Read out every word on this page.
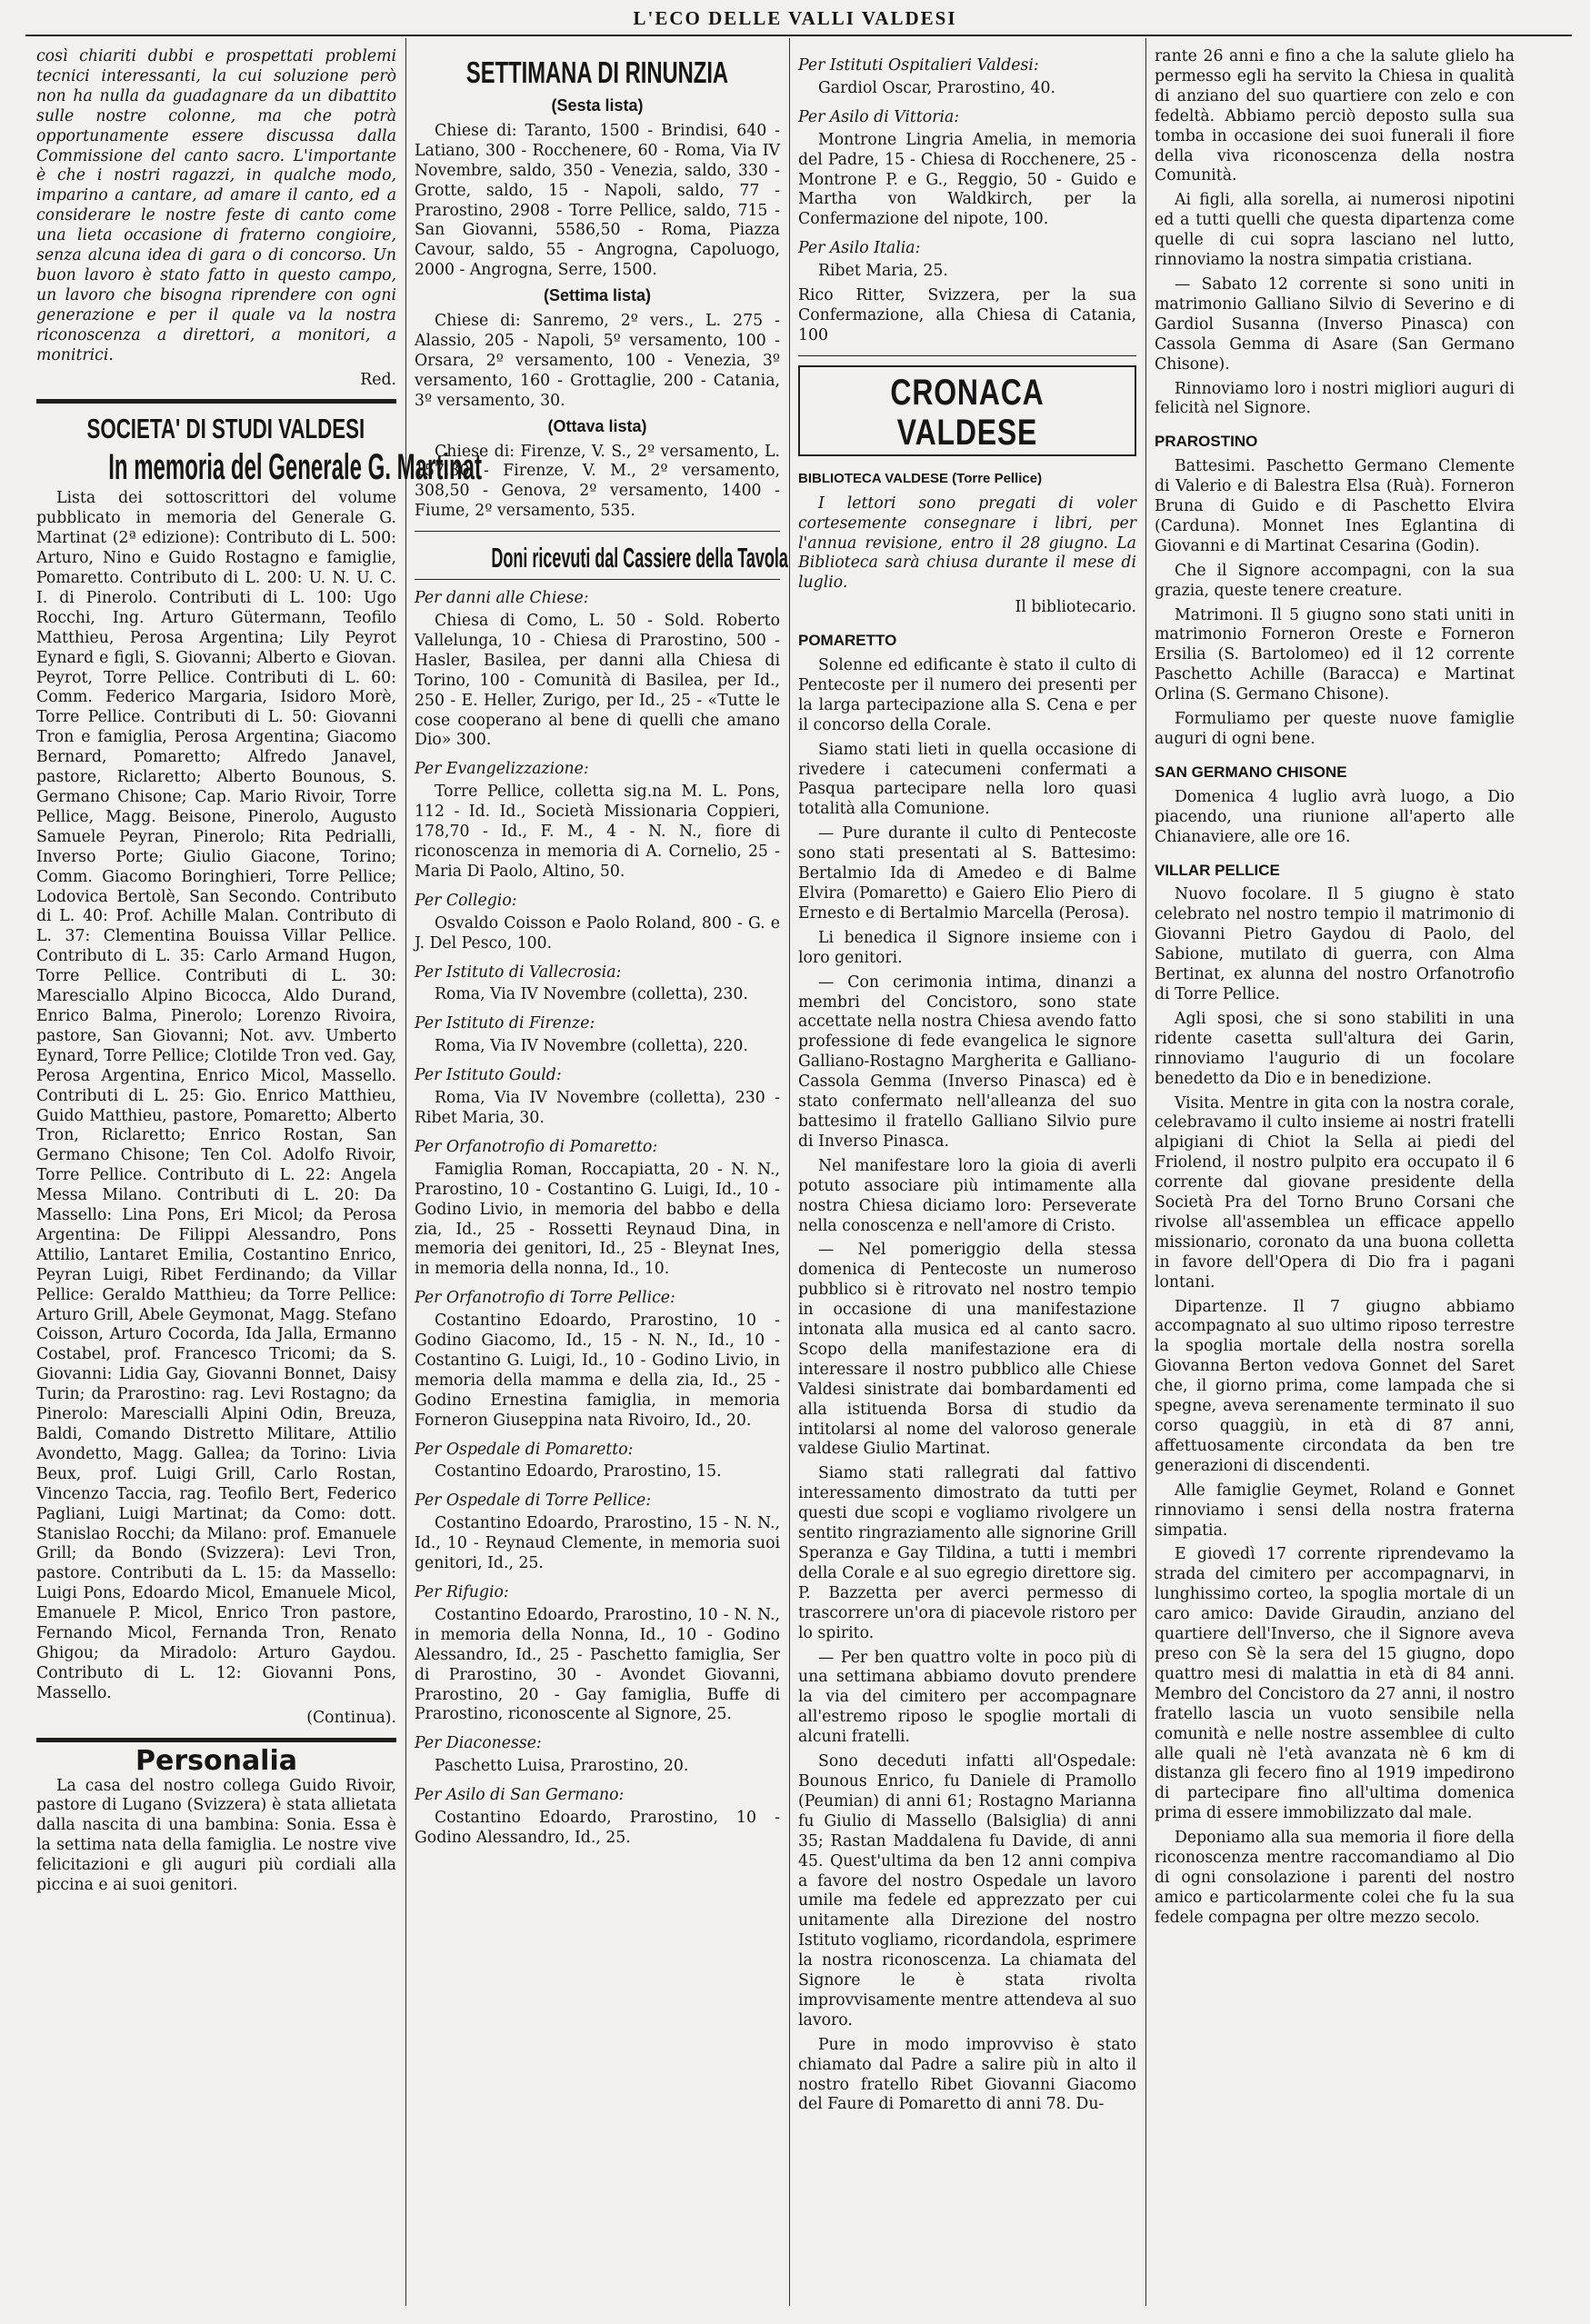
L'ECO DELLE VALLI VALDESI

così chiariti dubbi e prospettati problemi tecnici interessanti, la cui soluzione però non ha nulla da guadagnare da un dibattito sulle nostre colonne, ma che potrà opportunamente essere discussa dalla Commissione del canto sacro. L'importante è che i nostri ragazzi, in qualche modo, imparino a cantare, ad amare il canto, ed a considerare le nostre feste di canto come una lieta occasione di fraterno congioire, senza alcuna idea di gara o di concorso. Un buon lavoro è stato fatto in questo campo, un lavoro che bisogna riprendere con ogni generazione e per il quale va la nostra riconoscenza a direttori, a monitori, a monitrici.

Red.

SOCIETA' DI STUDI VALDESI
In memoria del Generale G. Martinat

Lista dei sottoscrittori del volume pubblicato in memoria del Generale G. Martinat (2ª edizione): Contributo di L. 500: Arturo, Nino e Guido Rostagno e famiglie, Pomaretto. Contributo di L. 200: U. N. U. C. I. di Pinerolo. Contributi di L. 100: Ugo Rocchi, Ing. Arturo Gütermann, Teofilo Matthieu, Perosa Argentina; Lily Peyrot Eynard e figli, S. Giovanni; Alberto e Giovan. Peyrot, Torre Pellice. Contributi di L. 60: Comm. Federico Margaria, Isidoro Morè, Torre Pellice. Contributi di L. 50: Giovanni Tron e famiglia, Perosa Argentina; Giacomo Bernard, Pomaretto; Alfredo Janavel, pastore, Riclaretto; Alberto Bounous, S. Germano Chisone; Cap. Mario Rivoir, Torre Pellice, Magg. Beisone, Pinerolo, Augusto Samuele Peyran, Pinerolo; Rita Pedrialli, Inverso Porte; Giulio Giacone, Torino; Comm. Giacomo Boringhieri, Torre Pellice; Lodovica Bertolè, San Secondo. Contributo di L. 40: Prof. Achille Malan. Contributo di L. 37: Clementina Bouissa Villar Pellice. Contributo di L. 35: Carlo Armand Hugon, Torre Pellice. Contributi di L. 30: Maresciallo Alpino Bicocca, Aldo Durand, Enrico Balma, Pinerolo; Lorenzo Rivoira, pastore, San Giovanni; Not. avv. Umberto Eynard, Torre Pellice; Clotilde Tron ved. Gay, Perosa Argentina, Enrico Micol, Massello. Contributi di L. 25: Gio. Enrico Matthieu, Guido Matthieu, pastore, Pomaretto; Alberto Tron, Riclaretto; Enrico Rostan, San Germano Chisone; Ten Col. Adolfo Rivoir, Torre Pellice. Contributo di L. 22: Angela Messa Milano. Contributi di L. 20: Da Massello: Lina Pons, Eri Micol; da Perosa Argentina: De Filippi Alessandro, Pons Attilio, Lantaret Emilia, Costantino Enrico, Peyran Luigi, Ribet Ferdinando; da Villar Pellice: Geraldo Matthieu; da Torre Pellice: Arturo Grill, Abele Geymonat, Magg. Stefano Coisson, Arturo Cocorda, Ida Jalla, Ermanno Costabel, prof. Francesco Tricomi; da S. Giovanni: Lidia Gay, Giovanni Bonnet, Daisy Turin; da Prarostino: rag. Levi Rostagno; da Pinerolo: Marescialli Alpini Odin, Breuza, Baldi, Comando Distretto Militare, Attilio Avondetto, Magg. Gallea; da Torino: Livia Beux, prof. Luigi Grill, Carlo Rostan, Vincenzo Taccia, rag. Teofilo Bert, Federico Pagliani, Luigi Martinat; da Como: dott. Stanislao Rocchi; da Milano: prof. Emanuele Grill; da Bondo (Svizzera): Levi Tron, pastore. Contributi da L. 15: da Massello: Luigi Pons, Edoardo Micol, Emanuele Micol, Emanuele P. Micol, Enrico Tron pastore, Fernando Micol, Fernanda Tron, Renato Ghigou; da Miradolo: Arturo Gaydou. Contributo di L. 12: Giovanni Pons, Massello.

(Continua).

Personalia

La casa del nostro collega Guido Rivoir, pastore di Lugano (Svizzera) è stata allietata dalla nascita di una bambina: Sonia. Essa è la settima nata della famiglia. Le nostre vive felicitazioni e gli auguri più cordiali alla piccina e ai suoi genitori.

SETTIMANA DI RINUNZIA
(Sesta lista)

Chiese di: Taranto, 1500 - Brindisi, 640 - Latiano, 300 - Rocchenere, 60 - Roma, Via IV Novembre, saldo, 350 - Venezia, saldo, 330 - Grotte, saldo, 15 - Napoli, saldo, 77 - Prarostino, 2908 - Torre Pellice, saldo, 715 - San Giovanni, 5586,50 - Roma, Piazza Cavour, saldo, 55 - Angrogna, Capoluogo, 2000 - Angrogna, Serre, 1500.

(Settima lista)

Chiese di: Sanremo, 2º vers., L. 275 - Alassio, 205 - Napoli, 5º versamento, 100 - Orsara, 2º versamento, 100 - Venezia, 3º versamento, 160 - Grottaglie, 200 - Catania, 3º versamento, 30.

(Ottava lista)

Chiese di: Firenze, V. S., 2º versamento, L. 157,30 - Firenze, V. M., 2º versamento, 308,50 - Genova, 2º versamento, 1400 - Fiume, 2º versamento, 535.

Doni ricevuti dal Cassiere della Tavola

Per danni alle Chiese:

Chiesa di Como, L. 50 - Sold. Roberto Vallelunga, 10 - Chiesa di Prarostino, 500 - Hasler, Basilea, per danni alla Chiesa di Torino, 100 - Comunità di Basilea, per Id., 250 - E. Heller, Zurigo, per Id., 25 - «Tutte le cose cooperano al bene di quelli che amano Dio» 300.

Per Evangelizzazione:

Torre Pellice, colletta sig.na M. L. Pons, 112 - Id. Id., Società Missionaria Coppieri, 178,70 - Id., F. M., 4 - N. N., fiore di riconoscenza in memoria di A. Cornelio, 25 - Maria Di Paolo, Altino, 50.

Per Collegio:

Osvaldo Coisson e Paolo Roland, 800 - G. e J. Del Pesco, 100.

Per Istituto di Vallecrosia:

Roma, Via IV Novembre (colletta), 230.

Per Istituto di Firenze:

Roma, Via IV Novembre (colletta), 220.

Per Istituto Gould:

Roma, Via IV Novembre (colletta), 230 - Ribet Maria, 30.

Per Orfanotrofio di Pomaretto:

Famiglia Roman, Roccapiatta, 20 - N. N., Prarostino, 10 - Costantino G. Luigi, Id., 10 - Godino Livio, in memoria del babbo e della zia, Id., 25 - Rossetti Reynaud Dina, in memoria dei genitori, Id., 25 - Bleynat Ines, in memoria della nonna, Id., 10.

Per Orfanotrofio di Torre Pellice:

Costantino Edoardo, Prarostino, 10 - Godino Giacomo, Id., 15 - N. N., Id., 10 - Costantino G. Luigi, Id., 10 - Godino Livio, in memoria della mamma e della zia, Id., 25 - Godino Ernestina famiglia, in memoria Forneron Giuseppina nata Rivoiro, Id., 20.

Per Ospedale di Pomaretto:

Costantino Edoardo, Prarostino, 15.

Per Ospedale di Torre Pellice:

Costantino Edoardo, Prarostino, 15 - N. N., Id., 10 - Reynaud Clemente, in memoria suoi genitori, Id., 25.

Per Rifugio:

Costantino Edoardo, Prarostino, 10 - N. N., in memoria della Nonna, Id., 10 - Godino Alessandro, Id., 25 - Paschetto famiglia, Ser di Prarostino, 30 - Avondet Giovanni, Prarostino, 20 - Gay famiglia, Buffe di Prarostino, riconoscente al Signore, 25.

Per Diaconesse:

Paschetto Luisa, Prarostino, 20.

Per Asilo di San Germano:

Costantino Edoardo, Prarostino, 10 - Godino Alessandro, Id., 25.

Per Istituti Ospitalieri Valdesi:

Gardiol Oscar, Prarostino, 40.

Per Asilo di Vittoria:

Montrone Lingria Amelia, in memoria del Padre, 15 - Chiesa di Rocchenere, 25 - Montrone P. e G., Reggio, 50 - Guido e Martha von Waldkirch, per la Confermazione del nipote, 100.

Per Asilo Italia:

Ribet Maria, 25.

Rico Ritter, Svizzera, per la sua Confermazione, alla Chiesa di Catania, 100

CRONACA VALDESE
BIBLIOTECA VALDESE (Torre Pellice)

I lettori sono pregati di voler cortesemente consegnare i libri, per l'annua revisione, entro il 28 giugno. La Biblioteca sarà chiusa durante il mese di luglio.

Il bibliotecario.

POMARETTO

Solenne ed edificante è stato il culto di Pentecoste per il numero dei presenti per la larga partecipazione alla S. Cena e per il concorso della Corale.

Siamo stati lieti in quella occasione di rivedere i catecumeni confermati a Pasqua partecipare nella loro quasi totalità alla Comunione.

— Pure durante il culto di Pentecoste sono stati presentati al S. Battesimo: Bertalmio Ida di Amedeo e di Balme Elvira (Pomaretto) e Gaiero Elio Piero di Ernesto e di Bertalmio Marcella (Perosa).

Li benedica il Signore insieme con i loro genitori.

— Con cerimonia intima, dinanzi a membri del Concistoro, sono state accettate nella nostra Chiesa avendo fatto professione di fede evangelica le signore Galliano-Rostagno Margherita e Galliano-Cassola Gemma (Inverso Pinasca) ed è stato confermato nell'alleanza del suo battesimo il fratello Galliano Silvio pure di Inverso Pinasca.

Nel manifestare loro la gioia di averli potuto associare più intimamente alla nostra Chiesa diciamo loro: Perseverate nella conoscenza e nell'amore di Cristo.

— Nel pomeriggio della stessa domenica di Pentecoste un numeroso pubblico si è ritrovato nel nostro tempio in occasione di una manifestazione intonata alla musica ed al canto sacro. Scopo della manifestazione era di interessare il nostro pubblico alle Chiese Valdesi sinistrate dai bombardamenti ed alla istituenda Borsa di studio da intitolarsi al nome del valoroso generale valdese Giulio Martinat.

Siamo stati rallegrati dal fattivo interessamento dimostrato da tutti per questi due scopi e vogliamo rivolgere un sentito ringraziamento alle signorine Grill Speranza e Gay Tildina, a tutti i membri della Corale e al suo egregio direttore sig. P. Bazzetta per averci permesso di trascorrere un'ora di piacevole ristoro per lo spirito.

— Per ben quattro volte in poco più di una settimana abbiamo dovuto prendere la via del cimitero per accompagnare all'estremo riposo le spoglie mortali di alcuni fratelli.

Sono deceduti infatti all'Ospedale: Bounous Enrico, fu Daniele di Pramollo (Peumian) di anni 61; Rostagno Marianna fu Giulio di Massello (Balsiglia) di anni 35; Rastan Maddalena fu Davide, di anni 45. Quest'ultima da ben 12 anni compiva a favore del nostro Ospedale un lavoro umile ma fedele ed apprezzato per cui unitamente alla Direzione del nostro Istituto vogliamo, ricordandola, esprimere la nostra riconoscenza. La chiamata del Signore le è stata rivolta improvvisamente mentre attendeva al suo lavoro.

Pure in modo improvviso è stato chiamato dal Padre a salire più in alto il nostro fratello Ribet Giovanni Giacomo del Faure di Pomaretto di anni 78. Du-

rante 26 anni e fino a che la salute glielo ha permesso egli ha servito la Chiesa in qualità di anziano del suo quartiere con zelo e con fedeltà. Abbiamo perciò deposto sulla sua tomba in occasione dei suoi funerali il fiore della viva riconoscenza della nostra Comunità.

Ai figli, alla sorella, ai numerosi nipotini ed a tutti quelli che questa dipartenza come quelle di cui sopra lasciano nel lutto, rinnoviamo la nostra simpatia cristiana.

— Sabato 12 corrente si sono uniti in matrimonio Galliano Silvio di Severino e di Gardiol Susanna (Inverso Pinasca) con Cassola Gemma di Asare (San Germano Chisone).

Rinnoviamo loro i nostri migliori auguri di felicità nel Signore.

PRAROSTINO

Battesimi. Paschetto Germano Clemente di Valerio e di Balestra Elsa (Ruà). Forneron Bruna di Guido e di Paschetto Elvira (Carduna). Monnet Ines Eglantina di Giovanni e di Martinat Cesarina (Godin).

Che il Signore accompagni, con la sua grazia, queste tenere creature.

Matrimoni. Il 5 giugno sono stati uniti in matrimonio Forneron Oreste e Forneron Ersilia (S. Bartolomeo) ed il 12 corrente Paschetto Achille (Baracca) e Martinat Orlina (S. Germano Chisone).

Formuliamo per queste nuove famiglie auguri di ogni bene.

SAN GERMANO CHISONE

Domenica 4 luglio avrà luogo, a Dio piacendo, una riunione all'aperto alle Chianaviere, alle ore 16.

VILLAR PELLICE

Nuovo focolare. Il 5 giugno è stato celebrato nel nostro tempio il matrimonio di Giovanni Pietro Gaydou di Paolo, del Sabione, mutilato di guerra, con Alma Bertinat, ex alunna del nostro Orfanotrofio di Torre Pellice.

Agli sposi, che si sono stabiliti in una ridente casetta sull'altura dei Garin, rinnoviamo l'augurio di un focolare benedetto da Dio e in benedizione.

Visita. Mentre in gita con la nostra corale, celebravamo il culto insieme ai nostri fratelli alpigiani di Chiot la Sella ai piedi del Friolend, il nostro pulpito era occupato il 6 corrente dal giovane presidente della Società Pra del Torno Bruno Corsani che rivolse all'assemblea un efficace appello missionario, coronato da una buona colletta in favore dell'Opera di Dio fra i pagani lontani.

Dipartenze. Il 7 giugno abbiamo accompagnato al suo ultimo riposo terrestre la spoglia mortale della nostra sorella Giovanna Berton vedova Gonnet del Saret che, il giorno prima, come lampada che si spegne, aveva serenamente terminato il suo corso quaggiù, in età di 87 anni, affettuosamente circondata da ben tre generazioni di discendenti.

Alle famiglie Geymet, Roland e Gonnet rinnoviamo i sensi della nostra fraterna simpatia.

E giovedì 17 corrente riprendevamo la strada del cimitero per accompagnarvi, in lunghissimo corteo, la spoglia mortale di un caro amico: Davide Giraudin, anziano del quartiere dell'Inverso, che il Signore aveva preso con Sè la sera del 15 giugno, dopo quattro mesi di malattia in età di 84 anni. Membro del Concistoro da 27 anni, il nostro fratello lascia un vuoto sensibile nella comunità e nelle nostre assemblee di culto alle quali nè l'età avanzata nè 6 km di distanza gli fecero fino al 1919 impedirono di partecipare fino all'ultima domenica prima di essere immobilizzato dal male.

Deponiamo alla sua memoria il fiore della riconoscenza mentre raccomandiamo al Dio di ogni consolazione i parenti del nostro amico e particolarmente colei che fu la sua fedele compagna per oltre mezzo secolo.
